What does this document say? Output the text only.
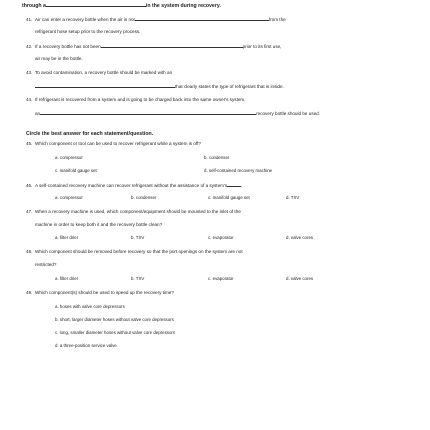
through a	in the system during recovery.
41. Air can enter a recovery bottle when the air is not	from the
refrigerant hose setup prior to the recovery process.
42. If a recovery bottle has not been	prior to its first use,
air may be in the bottle.
43. To avoid contamination, a recovery bottle should be marked with an
that clearly states the type of refrigerant that is inside.
44. If refrigerant is recovered from a system and is going to be charged back into the same owner's system,
an	recovery bottle should be used.
Circle the best answer for each statement/question.
45. Which component or tool can be used to recover refrigerant while a system is off?
a. compressor	b. condenser
c. manifold gauge set	d. self-contained recovery machine
46. A self-contained recovery machine can recover refrigerant without the assistance of a system's	.
a. compressor	b. condenser	c. manifold gauge set	d. TXV
47. When a recovery machine is used, which component/equipment should be mounted to the inlet of the
machine in order to keep both it and the recovery bottle clean?
a. filter drier	b. TXV	c. evaporator	d. valve cores
48. Which component should be removed before recovery so that the port openings on the system are not
restricted?
a. filter drier	b. TXV	c. evaporator	d. valve cores
49. Which component(s) should be used to speed up the recovery time?
a. hoses with valve core depressors
b. short, larger diameter hoses without valve core depressors
c. long, smaller diameter hoses without valve core depressors
d. a three-position service valve
